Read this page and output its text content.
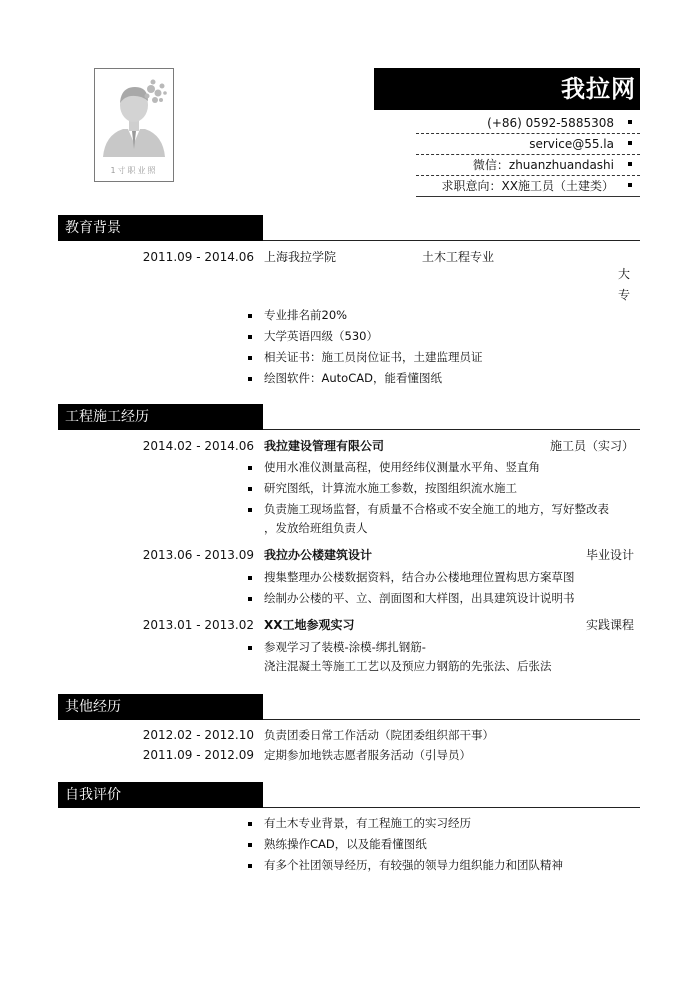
1寸职业照
我拉网
(+86) 0592-5885308
service@55.la
微信：zhuanzhuandashi
求职意向：XX施工员（土建类）
教育背景
2011.09 - 2014.06 上海我拉学院	土木工程专业
大
专
专业排名前20%
大学英语四级（530）
相关证书：施工员岗位证书，土建监理员证
绘图软件：AutoCAD，能看懂图纸
工程施工经历
2014.02 - 2014.06 我拉建设管理有限公司	施工员（实习）
使用水准仪测量高程，使用经纬仪测量水平角、竖直角
研究图纸，计算流水施工参数，按图组织流水施工
负责施工现场监督，有质量不合格或不安全施工的地方，写好整改表
，发放给班组负责人
2013.06 - 2013.09 我拉办公楼建筑设计	毕业设计
搜集整理办公楼数据资料，结合办公楼地理位置构思方案草图
绘制办公楼的平、立、剖面图和大样图，出具建筑设计说明书
2013.01 - 2013.02 XX工地参观实习	实践课程
参观学习了装模-涂模-绑扎钢筋-
浇注混凝土等施工工艺以及预应力钢筋的先张法、后张法
其他经历
2012.02 - 2012.10 负责团委日常工作活动（院团委组织部干事）
2011.09 - 2012.09 定期参加地铁志愿者服务活动（引导员）
自我评价
有土木专业背景，有工程施工的实习经历
熟练操作CAD，以及能看懂图纸
有多个社团领导经历，有较强的领导力组织能力和团队精神
